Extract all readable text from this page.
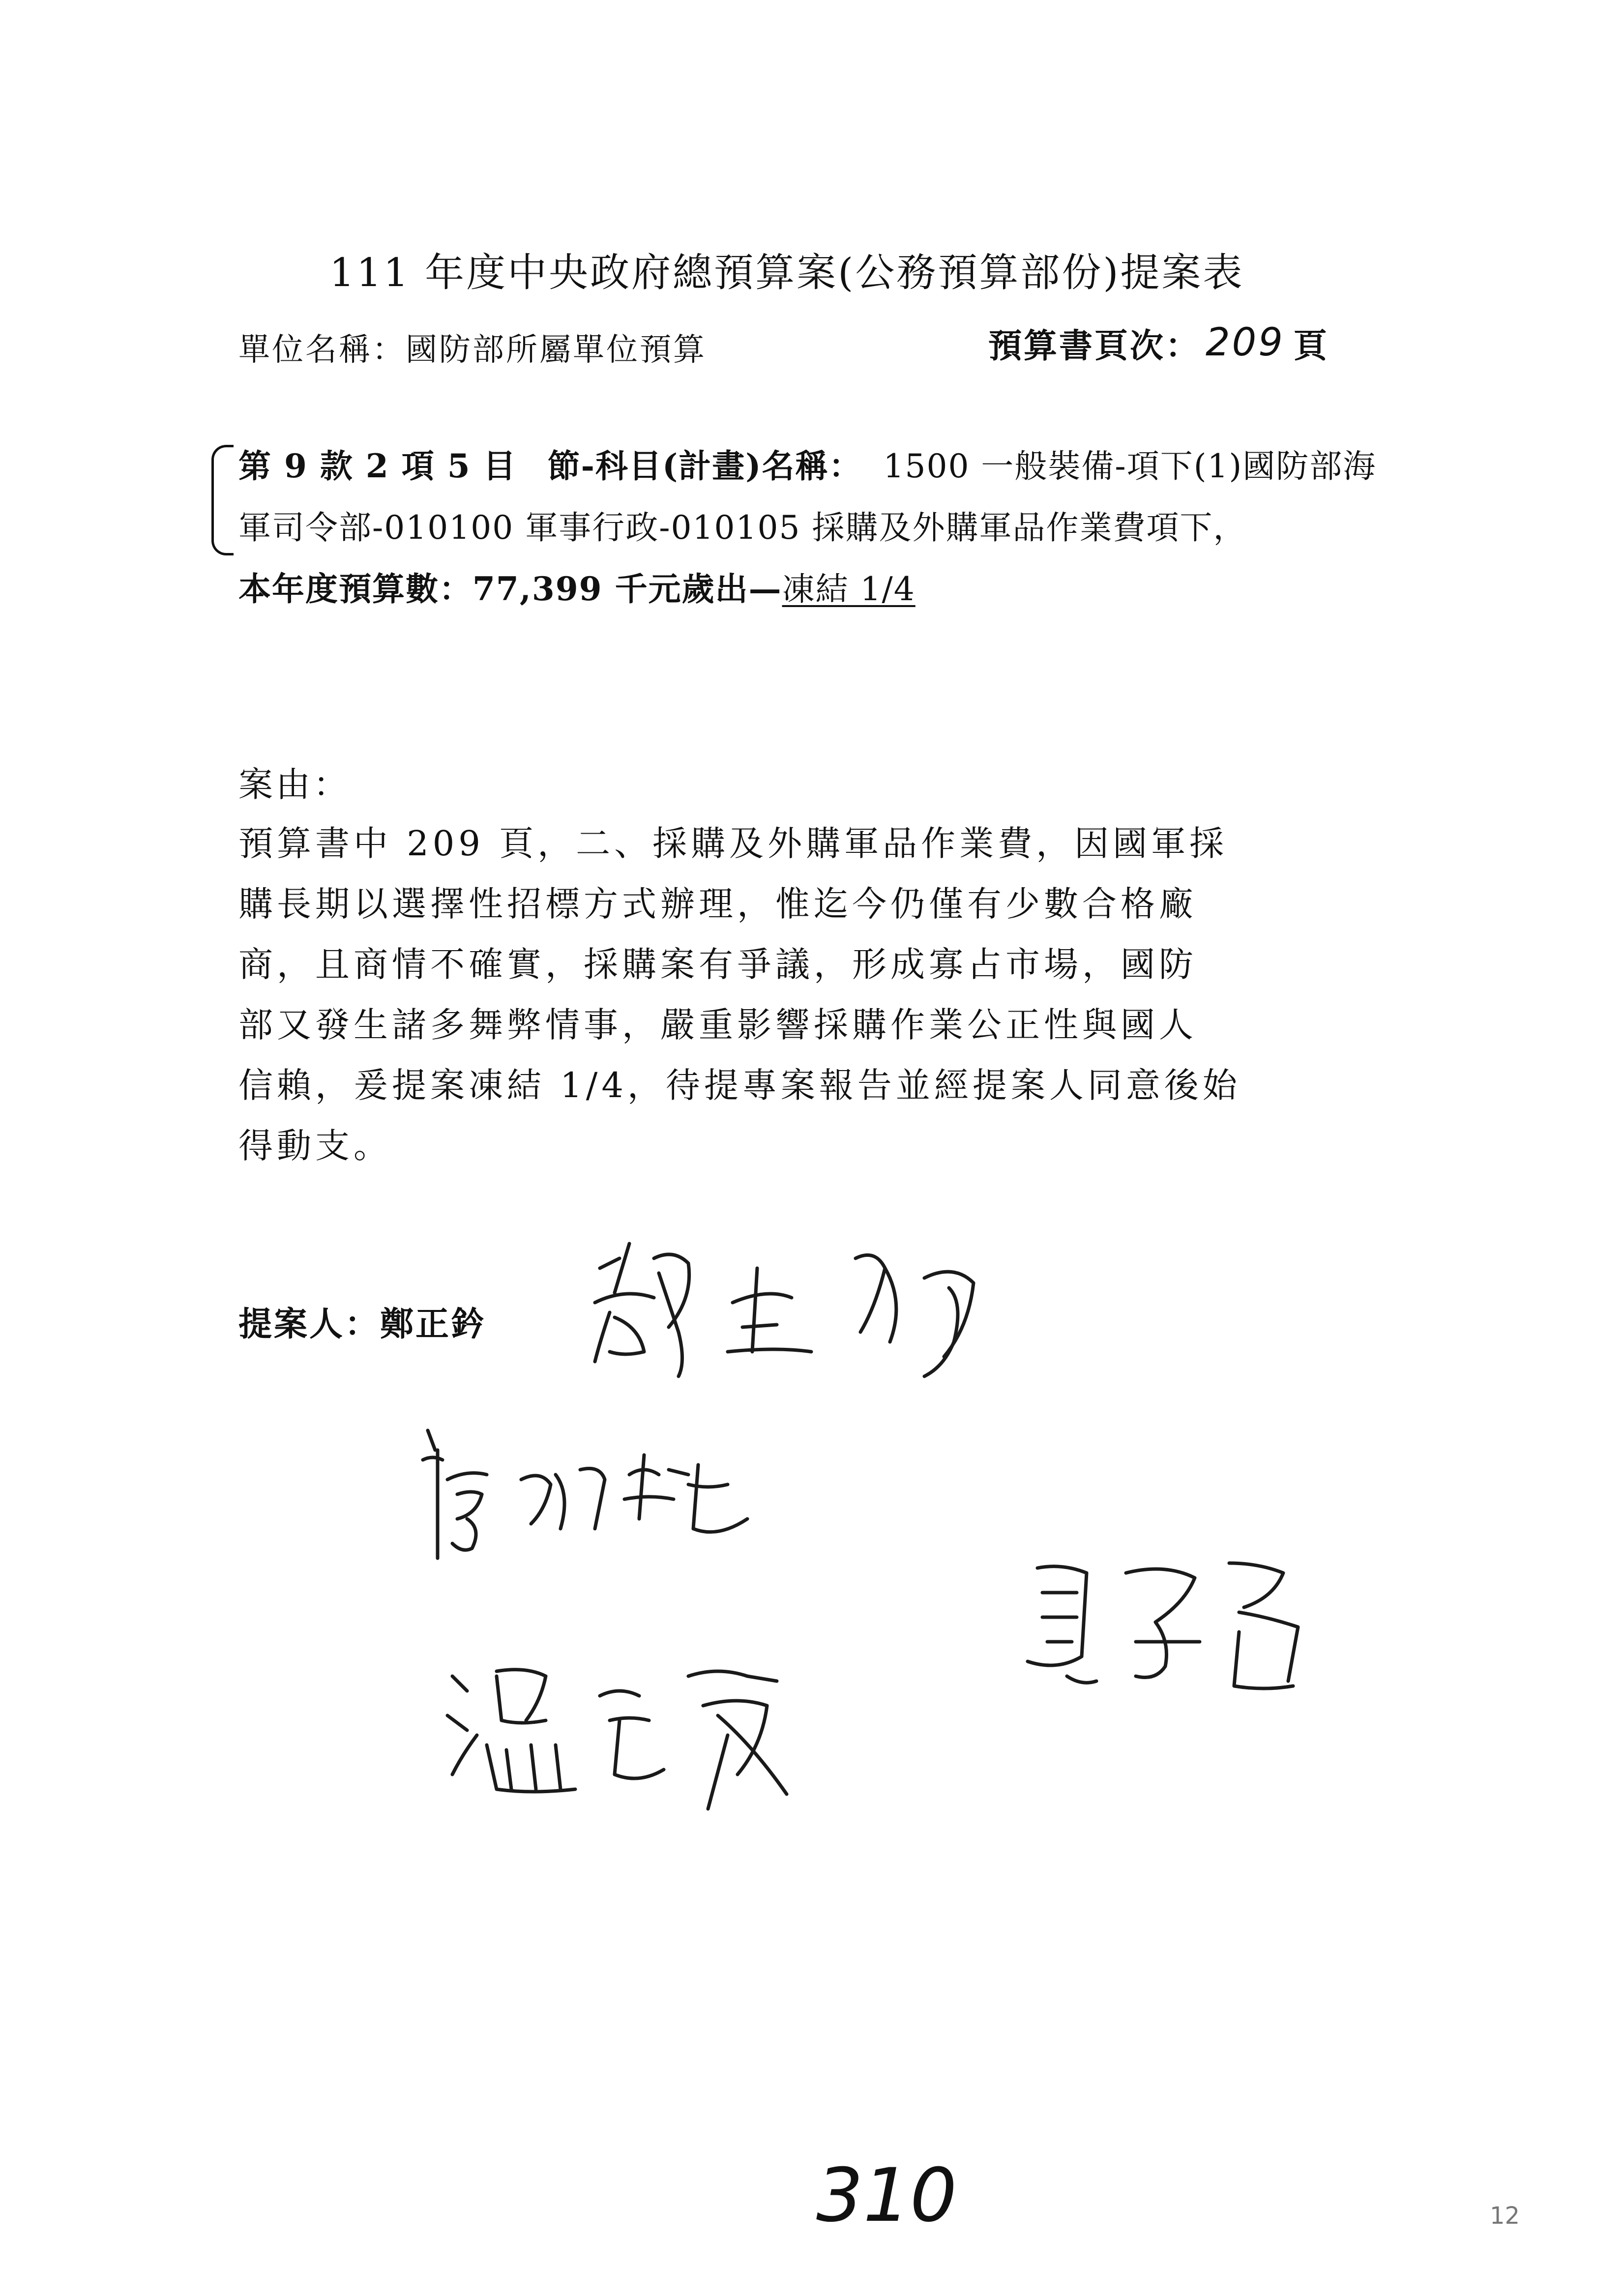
111 年度中央政府總預算案(公務預算部份)提案表
單位名稱：國防部所屬單位預算	預算書頁次： 209 頁
第 9 款 2 項 5 目 節-科目(計畫)名稱： 1500 一般裝備-項下(1)國防部海
軍司令部-010100 軍事行政-010105 採購及外購軍品作業費項下，
本年度預算數：77,399 千元歲出—凍結 1/4
案由：
預算書中 209 頁，二、採購及外購軍品作業費，因國軍採
購長期以選擇性招標方式辦理，惟迄今仍僅有少數合格廠
商，且商情不確實，採購案有爭議，形成寡占市場，國防
部又發生諸多舞弊情事，嚴重影響採購作業公正性與國人
信賴，爰提案凍結 1/4，待提專案報告並經提案人同意後始
得動支。
提案人：鄭正鈐
310	12
